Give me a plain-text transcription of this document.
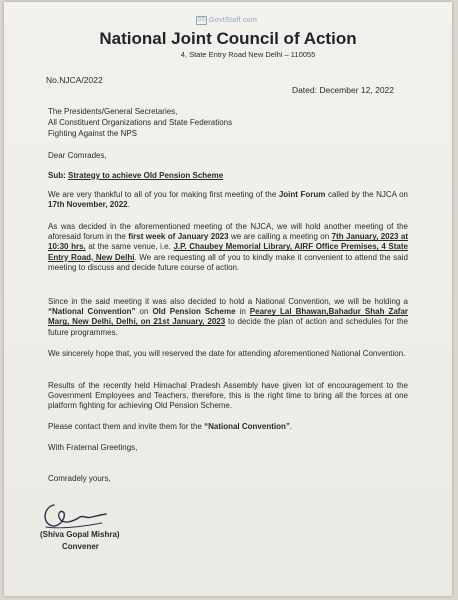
GS GovtStaff.com
National Joint Council of Action
4, State Entry Road New Delhi – 110055
No.NJCA/2022
Dated: December 12, 2022
The Presidents/General Secretaries,
All Constituent Organizations and State Federations
Fighting Against the NPS
Dear Comrades,
Sub: Strategy to achieve Old Pension Scheme
We are very thankful to all of you for making first meeting of the Joint Forum called by the NJCA on 17th November, 2022.
As was decided in the aforementioned meeting of the NJCA, we will hold another meeting of the aforesaid forum in the first week of January 2023 we are calling a meeting on 7th January, 2023 at 10:30 hrs. at the same venue, i.e. J.P. Chaubey Memorial Library, AIRF Office Premises, 4 State Entry Road, New Delhi. We are requesting all of you to kindly make it convenient to attend the said meeting to discuss and decide future course of action.
Since in the said meeting it was also decided to hold a National Convention, we will be holding a “National Convention” on Old Pension Scheme in Pearey Lal Bhawan,Bahadur Shah Zafar Marg, New Delhi, Delhi, on 21st January, 2023 to decide the plan of action and schedules for the future programmes.
We sincerely hope that, you will reserved the date for attending aforementioned National Convention.
Results of the recently held Himachal Pradesh Assembly have given lot of encouragement to the Government Employees and Teachers, therefore, this is the right time to bring all the forces at one platform fighting for achieving Old Pension Scheme.
Please contact them and invite them for the “National Convention”.
With Fraternal Greetings,
Comradely yours,
(Shiva Gopal Mishra)
Convener
